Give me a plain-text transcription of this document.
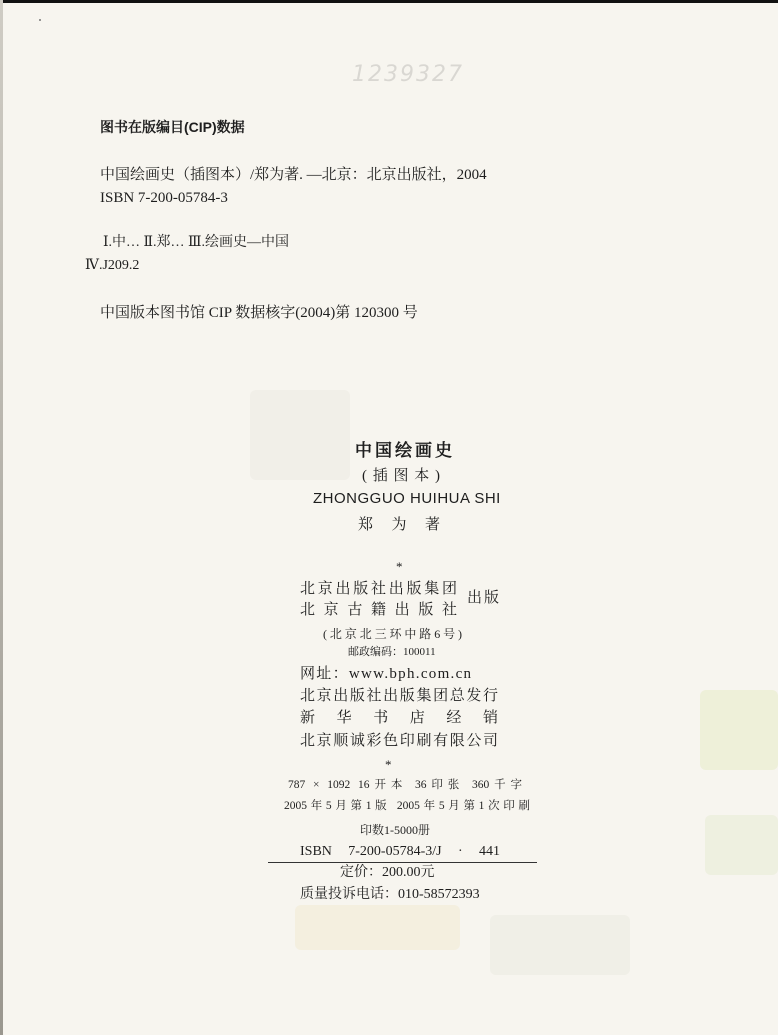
1239327
图书在版编目(CIP)数据
中国绘画史（插图本）/郑为著. —北京：北京出版社，2004
ISBN 7-200-05784-3
Ⅰ.中… Ⅱ.郑… Ⅲ.绘画史—中国
Ⅳ.J209.2
中国版本图书馆 CIP 数据核字(2004)第 120300 号
中国绘画史
(插图本)
ZHONGGUO HUIHUA SHI
郑 为 著
*
北京出版社出版集团
出版
北 京 古 籍 出 版 社
(北京北三环中路6号)
邮政编码：100011
网址：www.bph.com.cn
北京出版社出版集团总发行
新 华 书 店 经 销
北京顺诚彩色印刷有限公司
*
787 × 1092 16开本 36印张 360千字
2005年5月第1版 2005年5月第1次印刷
印数1-5000册
ISBN 7-200-05784-3/J · 441
定价：200.00元
质量投诉电话：010-58572393
